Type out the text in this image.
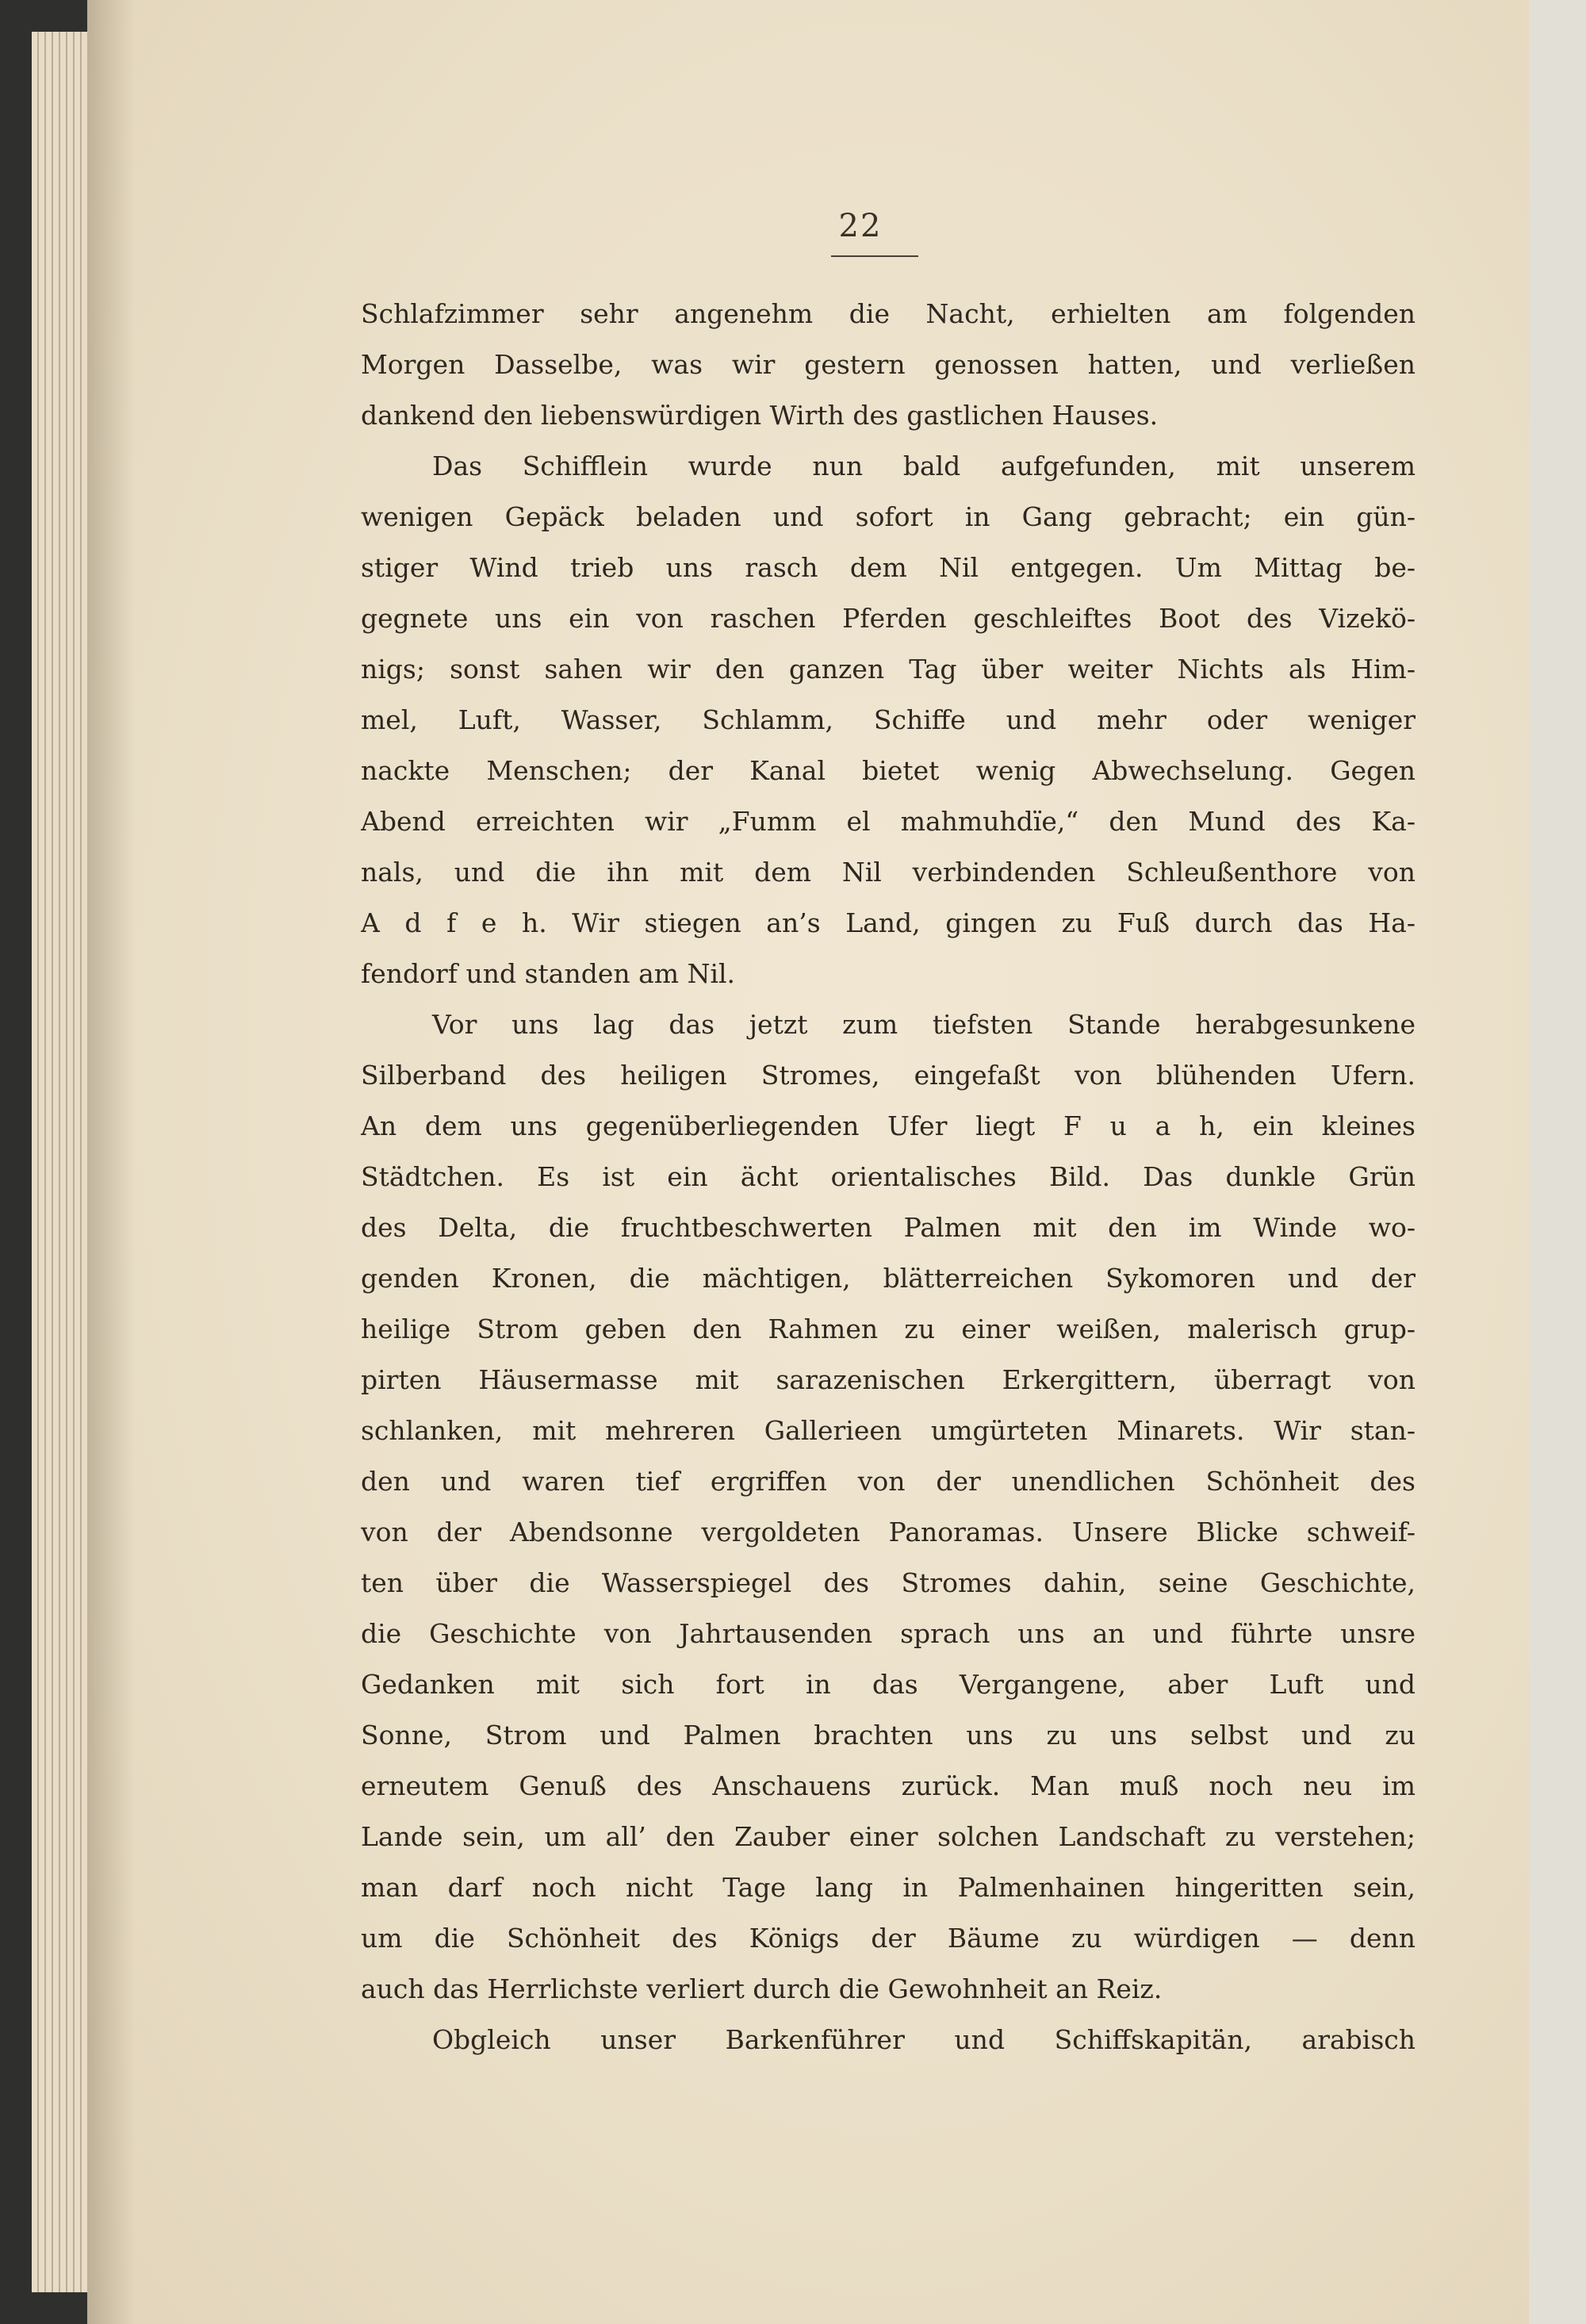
22
Schlafzimmer sehr angenehm die Nacht, erhielten am folgenden
Morgen Dasselbe, was wir gestern genossen hatten, und verließen
dankend den liebenswürdigen Wirth des gastlichen Hauses.
Das Schifflein wurde nun bald aufgefunden, mit unserem
wenigen Gepäck beladen und sofort in Gang gebracht; ein gün-
stiger Wind trieb uns rasch dem Nil entgegen. Um Mittag be-
gegnete uns ein von raschen Pferden geschleiftes Boot des Vizekö-
nigs; sonst sahen wir den ganzen Tag über weiter Nichts als Him-
mel, Luft, Wasser, Schlamm, Schiffe und mehr oder weniger
nackte Menschen; der Kanal bietet wenig Abwechselung. Gegen
Abend erreichten wir „Fumm el mahmuhdïe,“ den Mund des Ka-
nals, und die ihn mit dem Nil verbindenden Schleußenthore von
A d f e h. Wir stiegen an’s Land, gingen zu Fuß durch das Ha-
fendorf und standen am Nil.
Vor uns lag das jetzt zum tiefsten Stande herabgesunkene
Silberband des heiligen Stromes, eingefaßt von blühenden Ufern.
An dem uns gegenüberliegenden Ufer liegt F u a h, ein kleines
Städtchen. Es ist ein ächt orientalisches Bild. Das dunkle Grün
des Delta, die fruchtbeschwerten Palmen mit den im Winde wo-
genden Kronen, die mächtigen, blätterreichen Sykomoren und der
heilige Strom geben den Rahmen zu einer weißen, malerisch grup-
pirten Häusermasse mit sarazenischen Erkergittern, überragt von
schlanken, mit mehreren Gallerieen umgürteten Minarets. Wir stan-
den und waren tief ergriffen von der unendlichen Schönheit des
von der Abendsonne vergoldeten Panoramas. Unsere Blicke schweif-
ten über die Wasserspiegel des Stromes dahin, seine Geschichte,
die Geschichte von Jahrtausenden sprach uns an und führte unsre
Gedanken mit sich fort in das Vergangene, aber Luft und
Sonne, Strom und Palmen brachten uns zu uns selbst und zu
erneutem Genuß des Anschauens zurück. Man muß noch neu im
Lande sein, um all’ den Zauber einer solchen Landschaft zu verstehen;
man darf noch nicht Tage lang in Palmenhainen hingeritten sein,
um die Schönheit des Königs der Bäume zu würdigen — denn
auch das Herrlichste verliert durch die Gewohnheit an Reiz.
Obgleich unser Barkenführer und Schiffskapitän, arabisch
